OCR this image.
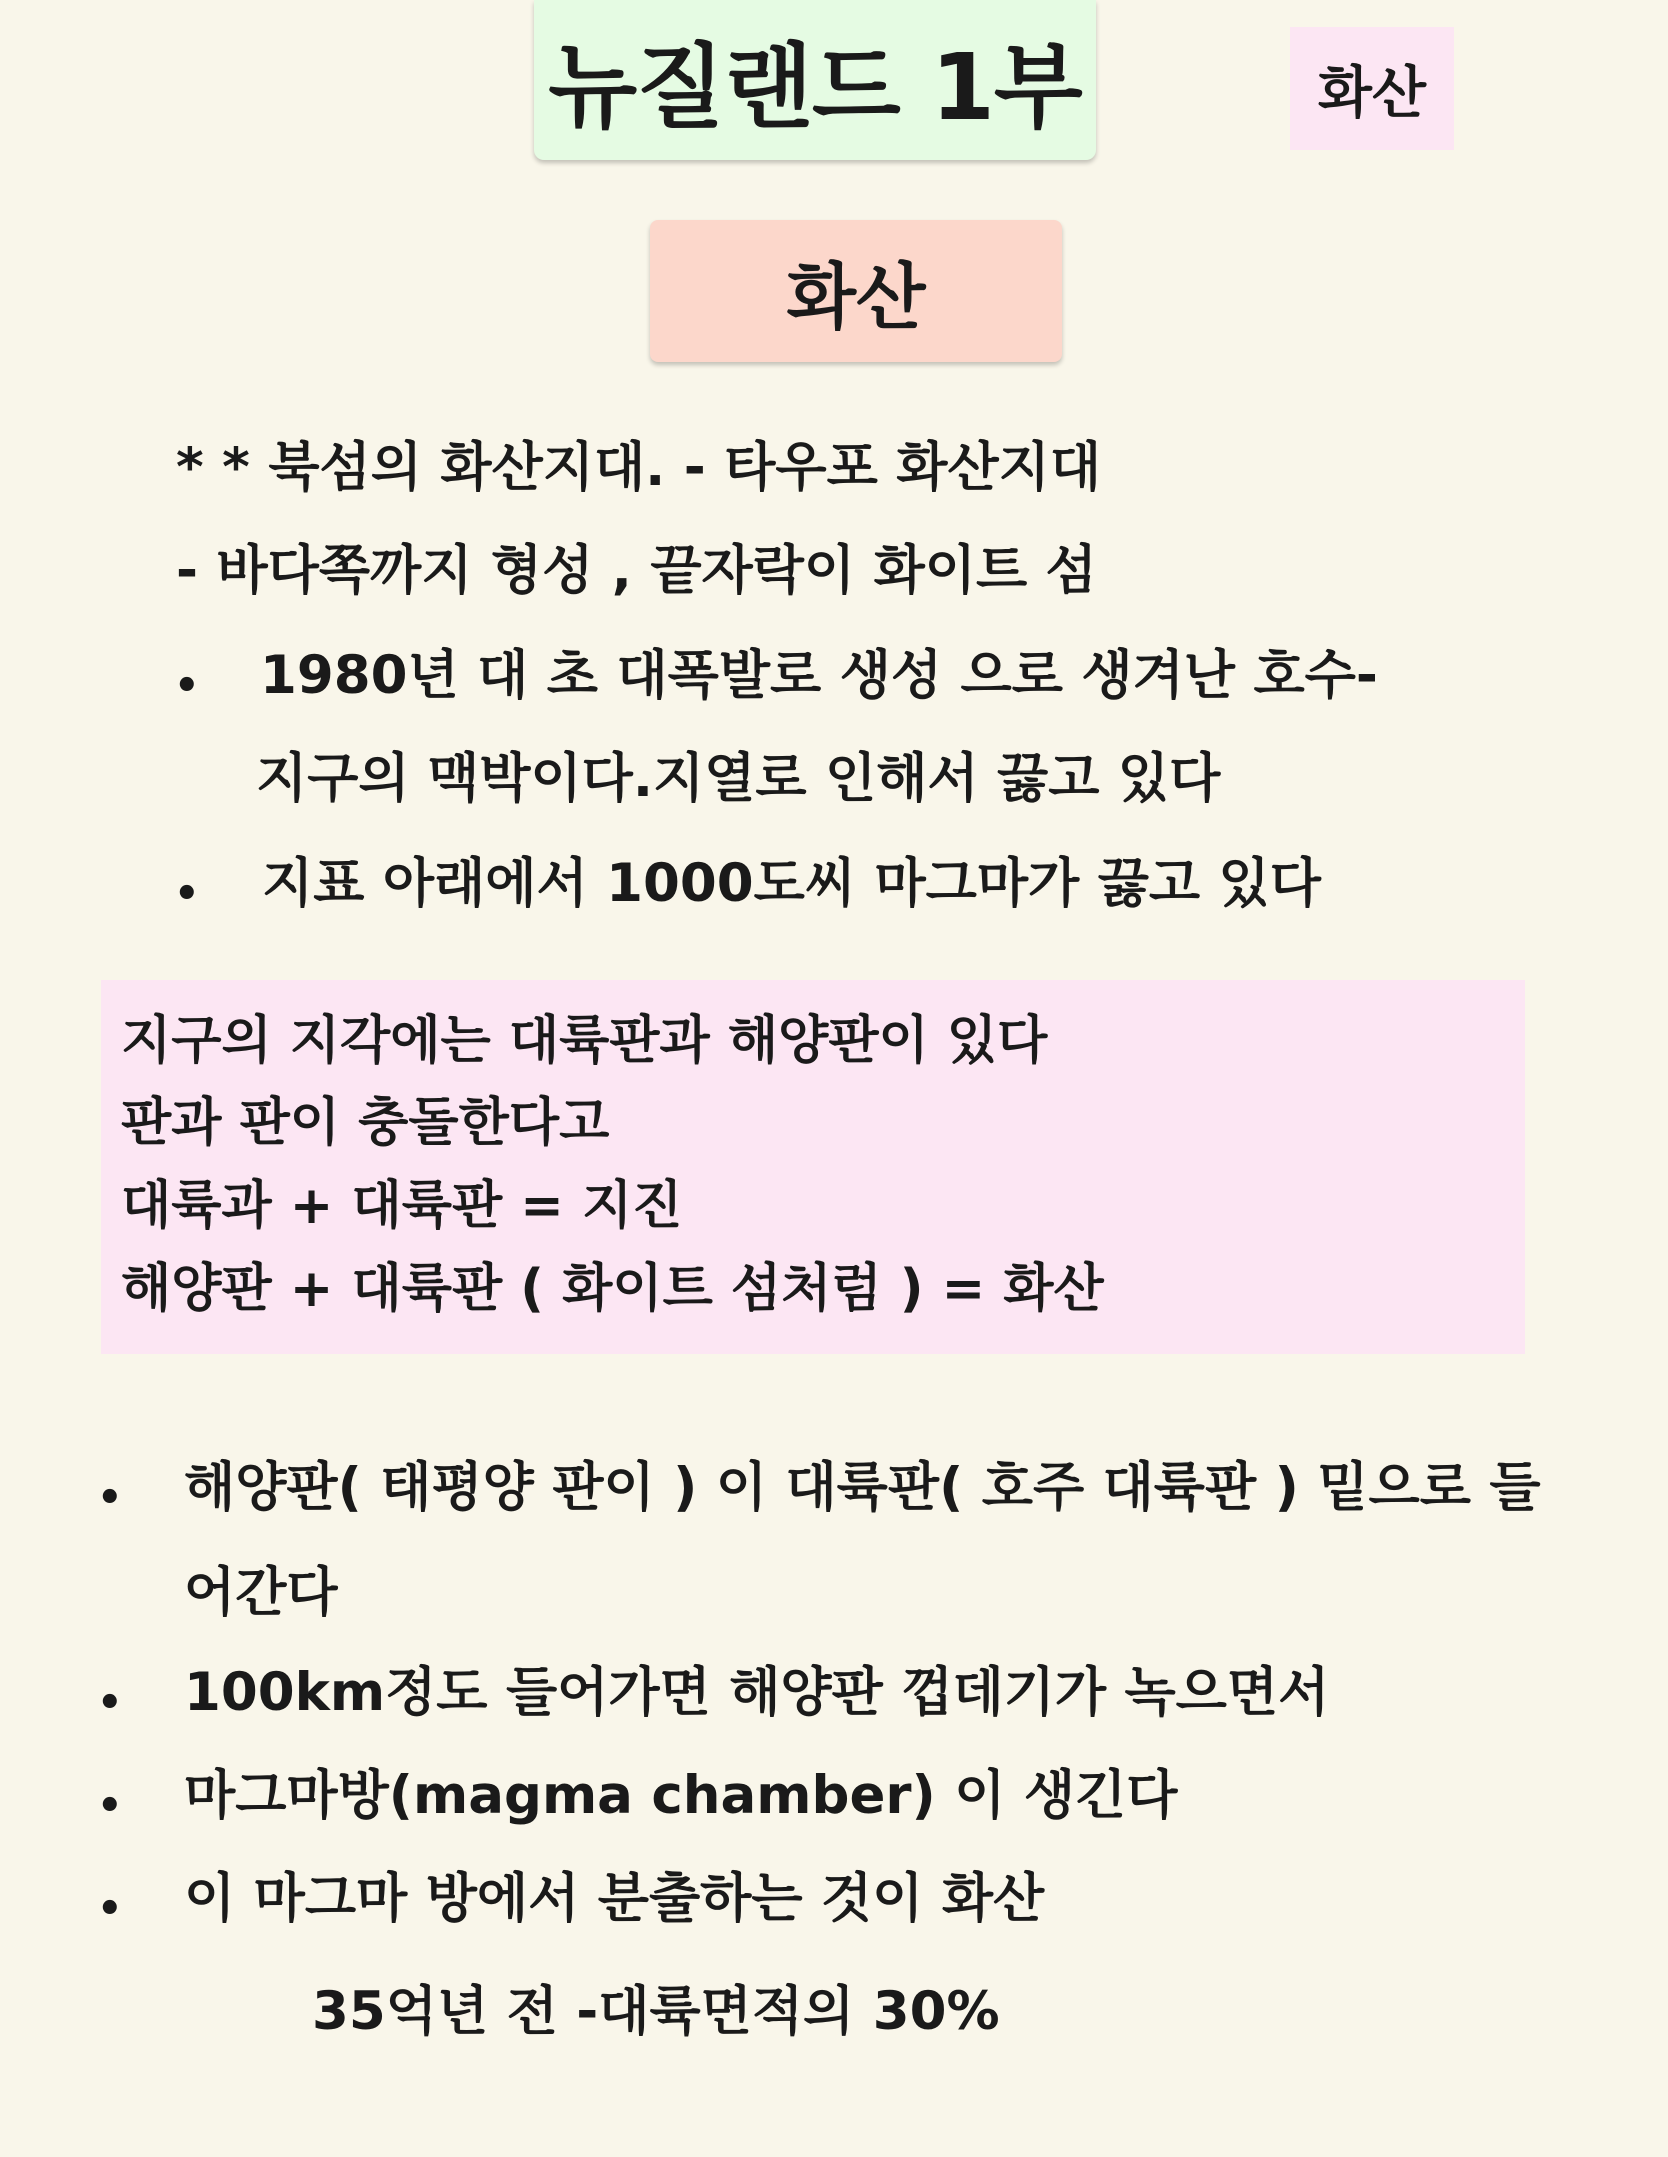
뉴질랜드 1부	화산
화산
* * 북섬의 화산지대. - 타우포 화산지대
- 바다쪽까지 형성 , 끝자락이 화이트 섬
• 1980년 대 초 대폭발로 생성 으로 생겨난 호수-
지구의 맥박이다.지열로 인해서 끓고 있다
• 지표 아래에서 1000도씨 마그마가 끓고 있다
지구의 지각에는 대륙판과 해양판이 있다
판과 판이 충돌한다고
대륙과 + 대륙판 = 지진
해양판 + 대륙판 ( 화이트 섬처럼 ) = 화산
• 해양판( 태평양 판이 ) 이 대륙판( 호주 대륙판 ) 밑으로 들
어간다
• 100km정도 들어가면 해양판 껍데기가 녹으면서
• 마그마방(magma chamber) 이 생긴다
• 이 마그마 방에서 분출하는 것이 화산
35억년 전 -대륙면적의 30%
